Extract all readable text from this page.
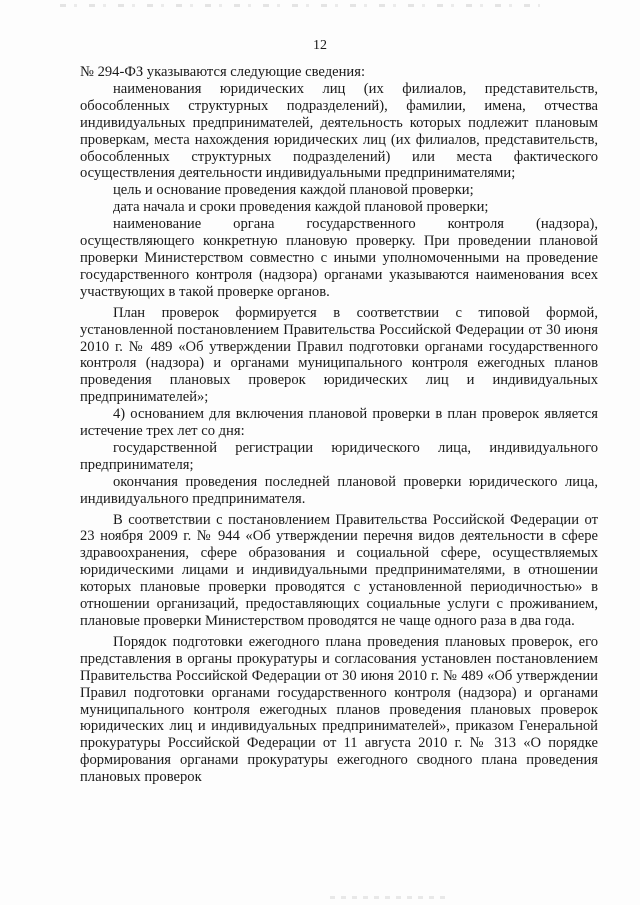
12

№ 294-ФЗ указываются следующие сведения:

наименования юридических лиц (их филиалов, представительств, обособленных структурных подразделений), фамилии, имена, отчества индивидуальных предпринимателей, деятельность которых подлежит плановым проверкам, места нахождения юридических лиц (их филиалов, представительств, обособленных структурных подразделений) или места фактического осуществления деятельности индивидуальными предпринимателями;

цель и основание проведения каждой плановой проверки;

дата начала и сроки проведения каждой плановой проверки;

наименование органа государственного контроля (надзора), осуществляющего конкретную плановую проверку. При проведении плановой проверки Министерством совместно с иными уполномоченными на проведение государственного контроля (надзора) органами указываются наименования всех участвующих в такой проверке органов.

План проверок формируется в соответствии с типовой формой, установленной постановлением Правительства Российской Федерации от 30 июня 2010 г. № 489 «Об утверждении Правил подготовки органами государственного контроля (надзора) и органами муниципального контроля ежегодных планов проведения плановых проверок юридических лиц и индивидуальных предпринимателей»;

4) основанием для включения плановой проверки в план проверок является истечение трех лет со дня:

государственной регистрации юридического лица, индивидуального предпринимателя;

окончания проведения последней плановой проверки юридического лица, индивидуального предпринимателя.

В соответствии с постановлением Правительства Российской Федерации от 23 ноября 2009 г. № 944 «Об утверждении перечня видов деятельности в сфере здравоохранения, сфере образования и социальной сфере, осуществляемых юридическими лицами и индивидуальными предпринимателями, в отношении которых плановые проверки проводятся с установленной периодичностью» в отношении организаций, предоставляющих социальные услуги с проживанием, плановые проверки Министерством проводятся не чаще одного раза в два года.

Порядок подготовки ежегодного плана проведения плановых проверок, его представления в органы прокуратуры и согласования установлен постановлением Правительства Российской Федерации от 30 июня 2010 г. № 489 «Об утверждении Правил подготовки органами государственного контроля (надзора) и органами муниципального контроля ежегодных планов проведения плановых проверок юридических лиц и индивидуальных предпринимателей», приказом Генеральной прокуратуры Российской Федерации от 11 августа 2010 г. № 313 «О порядке формирования органами прокуратуры ежегодного сводного плана проведения плановых проверок
